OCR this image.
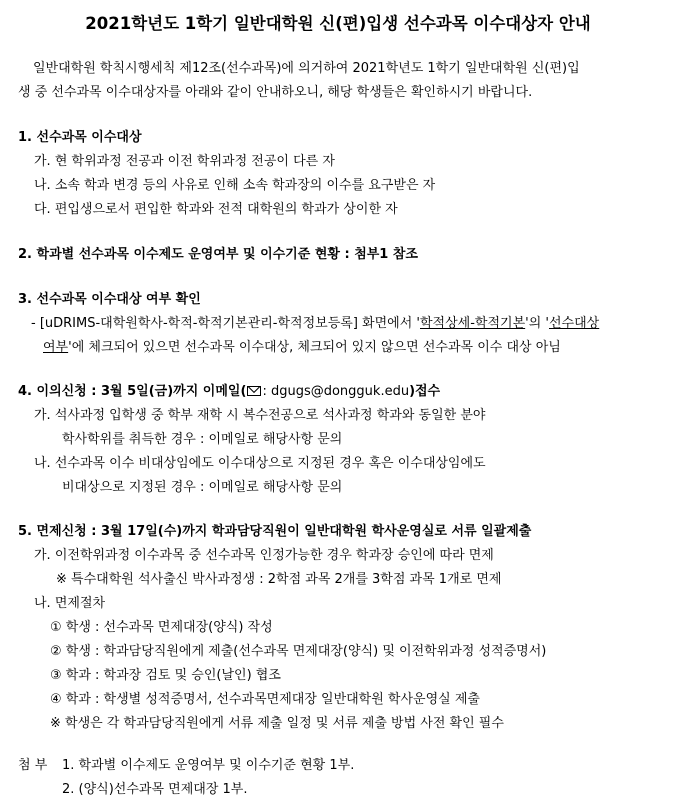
2021학년도 1학기 일반대학원 신(편)입생 선수과목 이수대상자 안내
일반대학원 학칙시행세칙 제12조(선수과목)에 의거하여 2021학년도 1학기 일반대학원 신(편)입
생 중 선수과목 이수대상자를 아래와 같이 안내하오니, 해당 학생들은 확인하시기 바랍니다.
1. 선수과목 이수대상
가. 현 학위과정 전공과 이전 학위과정 전공이 다른 자
나. 소속 학과 변경 등의 사유로 인해 소속 학과장의 이수를 요구받은 자
다. 편입생으로서 편입한 학과와 전적 대학원의 학과가 상이한 자
2. 학과별 선수과목 이수제도 운영여부 및 이수기준 현황 : 첨부1 참조
3. 선수과목 이수대상 여부 확인
- [uDRIMS-대학원학사-학적-학적기본관리-학적정보등록] 화면에서 '학적상세-학적기본'의 '선수대상
여부'에 체크되어 있으면 선수과목 이수대상, 체크되어 있지 않으면 선수과목 이수 대상 아님
4. 이의신청 : 3월 5일(금)까지 이메일( : dgugs@dongguk.edu)접수
가. 석사과정 입학생 중 학부 재학 시 복수전공으로 석사과정 학과와 동일한 분야
학사학위를 취득한 경우 : 이메일로 해당사항 문의
나. 선수과목 이수 비대상임에도 이수대상으로 지정된 경우 혹은 이수대상임에도
비대상으로 지정된 경우 : 이메일로 해당사항 문의
5. 면제신청 : 3월 17일(수)까지 학과담당직원이 일반대학원 학사운영실로 서류 일괄제출
가. 이전학위과정 이수과목 중 선수과목 인정가능한 경우 학과장 승인에 따라 면제
※ 특수대학원 석사출신 박사과정생 : 2학점 과목 2개를 3학점 과목 1개로 면제
나. 면제절차
① 학생 : 선수과목 면제대장(양식) 작성
② 학생 : 학과담당직원에게 제출(선수과목 면제대장(양식) 및 이전학위과정 성적증명서)
③ 학과 : 학과장 검토 및 승인(날인) 협조
④ 학과 : 학생별 성적증명서, 선수과목면제대장 일반대학원 학사운영실 제출
※ 학생은 각 학과담당직원에게 서류 제출 일정 및 서류 제출 방법 사전 확인 필수
첨 부 1. 학과별 이수제도 운영여부 및 이수기준 현황 1부.
2. (양식)선수과목 면제대장 1부.
